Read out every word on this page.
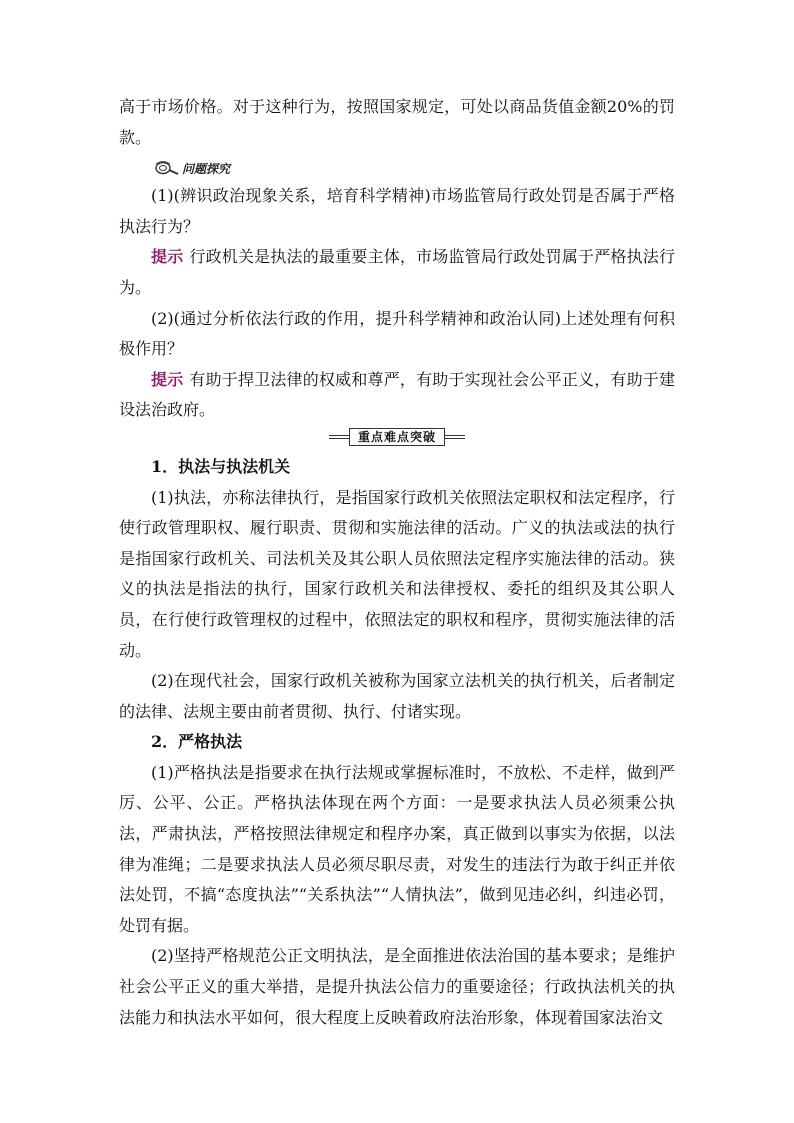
高于市场价格。对于这种行为，按照国家规定，可处以商品货值金额20%的罚款。

问题探究

(1)(辨识政治现象关系，培育科学精神)市场监管局行政处罚是否属于严格执法行为？

提示 行政机关是执法的最重要主体，市场监管局行政处罚属于严格执法行为。

(2)(通过分析依法行政的作用，提升科学精神和政治认同)上述处理有何积极作用？

提示 有助于捍卫法律的权威和尊严，有助于实现社会公平正义，有助于建设法治政府。

重点难点突破

1．执法与执法机关

(1)执法，亦称法律执行，是指国家行政机关依照法定职权和法定程序，行使行政管理职权、履行职责、贯彻和实施法律的活动。广义的执法或法的执行是指国家行政机关、司法机关及其公职人员依照法定程序实施法律的活动。狭义的执法是指法的执行，国家行政机关和法律授权、委托的组织及其公职人员，在行使行政管理权的过程中，依照法定的职权和程序，贯彻实施法律的活动。

(2)在现代社会，国家行政机关被称为国家立法机关的执行机关，后者制定的法律、法规主要由前者贯彻、执行、付诸实现。

2．严格执法

(1)严格执法是指要求在执行法规或掌握标准时，不放松、不走样，做到严厉、公平、公正。严格执法体现在两个方面：一是要求执法人员必须秉公执法，严肃执法，严格按照法律规定和程序办案，真正做到以事实为依据，以法律为准绳；二是要求执法人员必须尽职尽责，对发生的违法行为敢于纠正并依法处罚，不搞“态度执法”“关系执法”“人情执法”，做到见违必纠，纠违必罚，处罚有据。

(2)坚持严格规范公正文明执法，是全面推进依法治国的基本要求；是维护社会公平正义的重大举措，是提升执法公信力的重要途径；行政执法机关的执法能力和执法水平如何，很大程度上反映着政府法治形象，体现着国家法治文
